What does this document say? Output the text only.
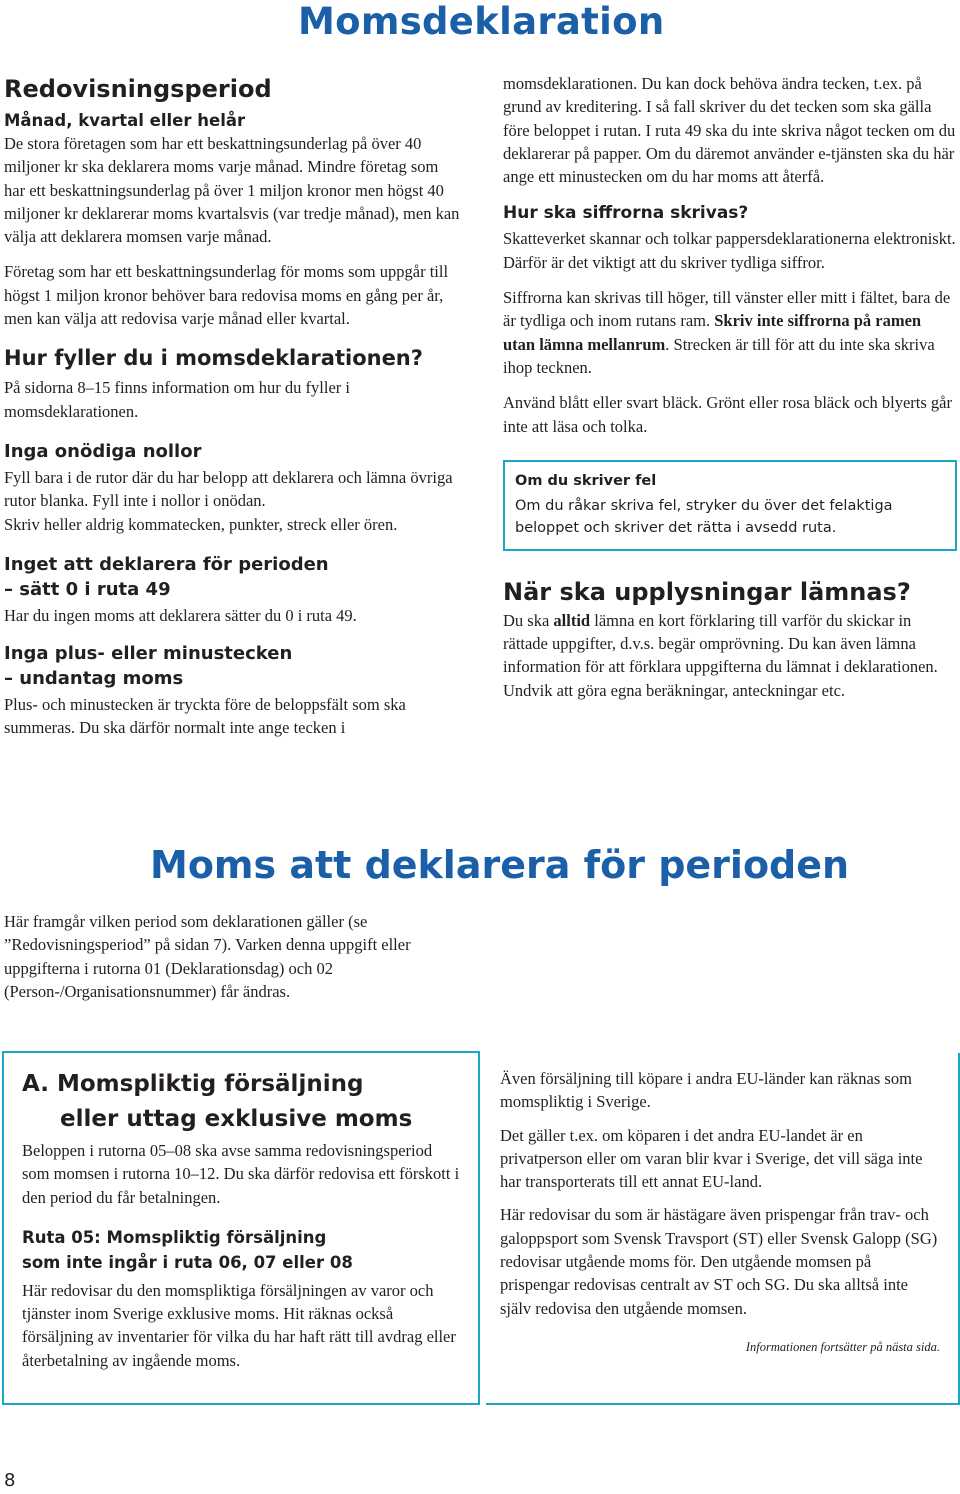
Momsdeklaration
Redovisningsperiod
Månad, kvartal eller helår

De stora företagen som har ett beskattningsunderlag på över 40 miljoner kr ska deklarera moms varje månad. Mindre företag som har ett beskattningsunderlag på över 1 miljon kronor men högst 40 miljoner kr deklarerar moms kvartalsvis (var tredje månad), men kan välja att deklarera momsen varje månad.

Företag som har ett beskattningsunderlag för moms som uppgår till högst 1 miljon kronor behöver bara redovisa moms en gång per år, men kan välja att redovisa varje månad eller kvartal.

Hur fyller du i momsdeklarationen?

På sidorna 8–15 finns information om hur du fyller i momsdeklarationen.

Inga onödiga nollor

Fyll bara i de rutor där du har belopp att deklarera och lämna övriga rutor blanka. Fyll inte i nollor i onödan.

Skriv heller aldrig kommatecken, punkter, streck eller ören.

Inget att deklarera för perioden
– sätt 0 i ruta 49

Har du ingen moms att deklarera sätter du 0 i ruta 49.

Inga plus- eller minustecken
– undantag moms

Plus- och minustecken är tryckta före de beloppsfält som ska summeras. Du ska därför normalt inte ange tecken i

momsdeklarationen. Du kan dock behöva ändra tecken, t.ex. på grund av kreditering. I så fall skriver du det tecken som ska gälla före beloppet i rutan. I ruta 49 ska du inte skriva något tecken om du deklarerar på papper. Om du däremot använder e-tjänsten ska du här ange ett minustecken om du har moms att återfå.

Hur ska siffrorna skrivas?

Skatteverket skannar och tolkar pappersdeklarationerna elektroniskt. Därför är det viktigt att du skriver tydliga siffror.

Siffrorna kan skrivas till höger, till vänster eller mitt i fältet, bara de är tydliga och inom rutans ram. Skriv inte siffrorna på ramen utan lämna mellanrum. Strecken är till för att du inte ska skriva ihop tecknen.

Använd blått eller svart bläck. Grönt eller rosa bläck och blyerts går inte att läsa och tolka.

Om du skriver fel
Om du råkar skriva fel, stryker du över det felaktiga beloppet och skriver det rätta i avsedd ruta.
När ska upplysningar lämnas?

Du ska alltid lämna en kort förklaring till varför du skickar in rättade uppgifter, d.v.s. begär omprövning. Du kan även lämna information för att förklara uppgifterna du lämnat i deklarationen. Undvik att göra egna beräkningar, anteckningar etc.

Moms att deklarera för perioden

Här framgår vilken period som deklarationen gäller (se ”Redovisningsperiod” på sidan 7). Varken denna uppgift eller uppgifterna i rutorna 01 (Deklarationsdag) och 02 (Person-/Organisationsnummer) får ändras.

A. Momspliktig försäljning
eller uttag exklusive moms

Beloppen i rutorna 05–08 ska avse samma redovisningsperiod som momsen i rutorna 10–12. Du ska därför redovisa ett förskott i den period du får betalningen.

Ruta 05: Momspliktig försäljning
som inte ingår i ruta 06, 07 eller 08

Här redovisar du den momspliktiga försäljningen av varor och tjänster inom Sverige exklusive moms. Hit räknas också försäljning av inventarier för vilka du har haft rätt till avdrag eller återbetalning av ingående moms.

Även försäljning till köpare i andra EU-länder kan räknas som momspliktig i Sverige.

Det gäller t.ex. om köparen i det andra EU-landet är en privatperson eller om varan blir kvar i Sverige, det vill säga inte har transporterats till ett annat EU-land.

Här redovisar du som är hästägare även prispengar från trav- och galoppsport som Svensk Travsport (ST) eller Svensk Galopp (SG) redovisar utgående moms för. Den utgående momsen på prispengar redovisas centralt av ST och SG. Du ska alltså inte själv redovisa den utgående momsen.

Informationen fortsätter på nästa sida.
8
